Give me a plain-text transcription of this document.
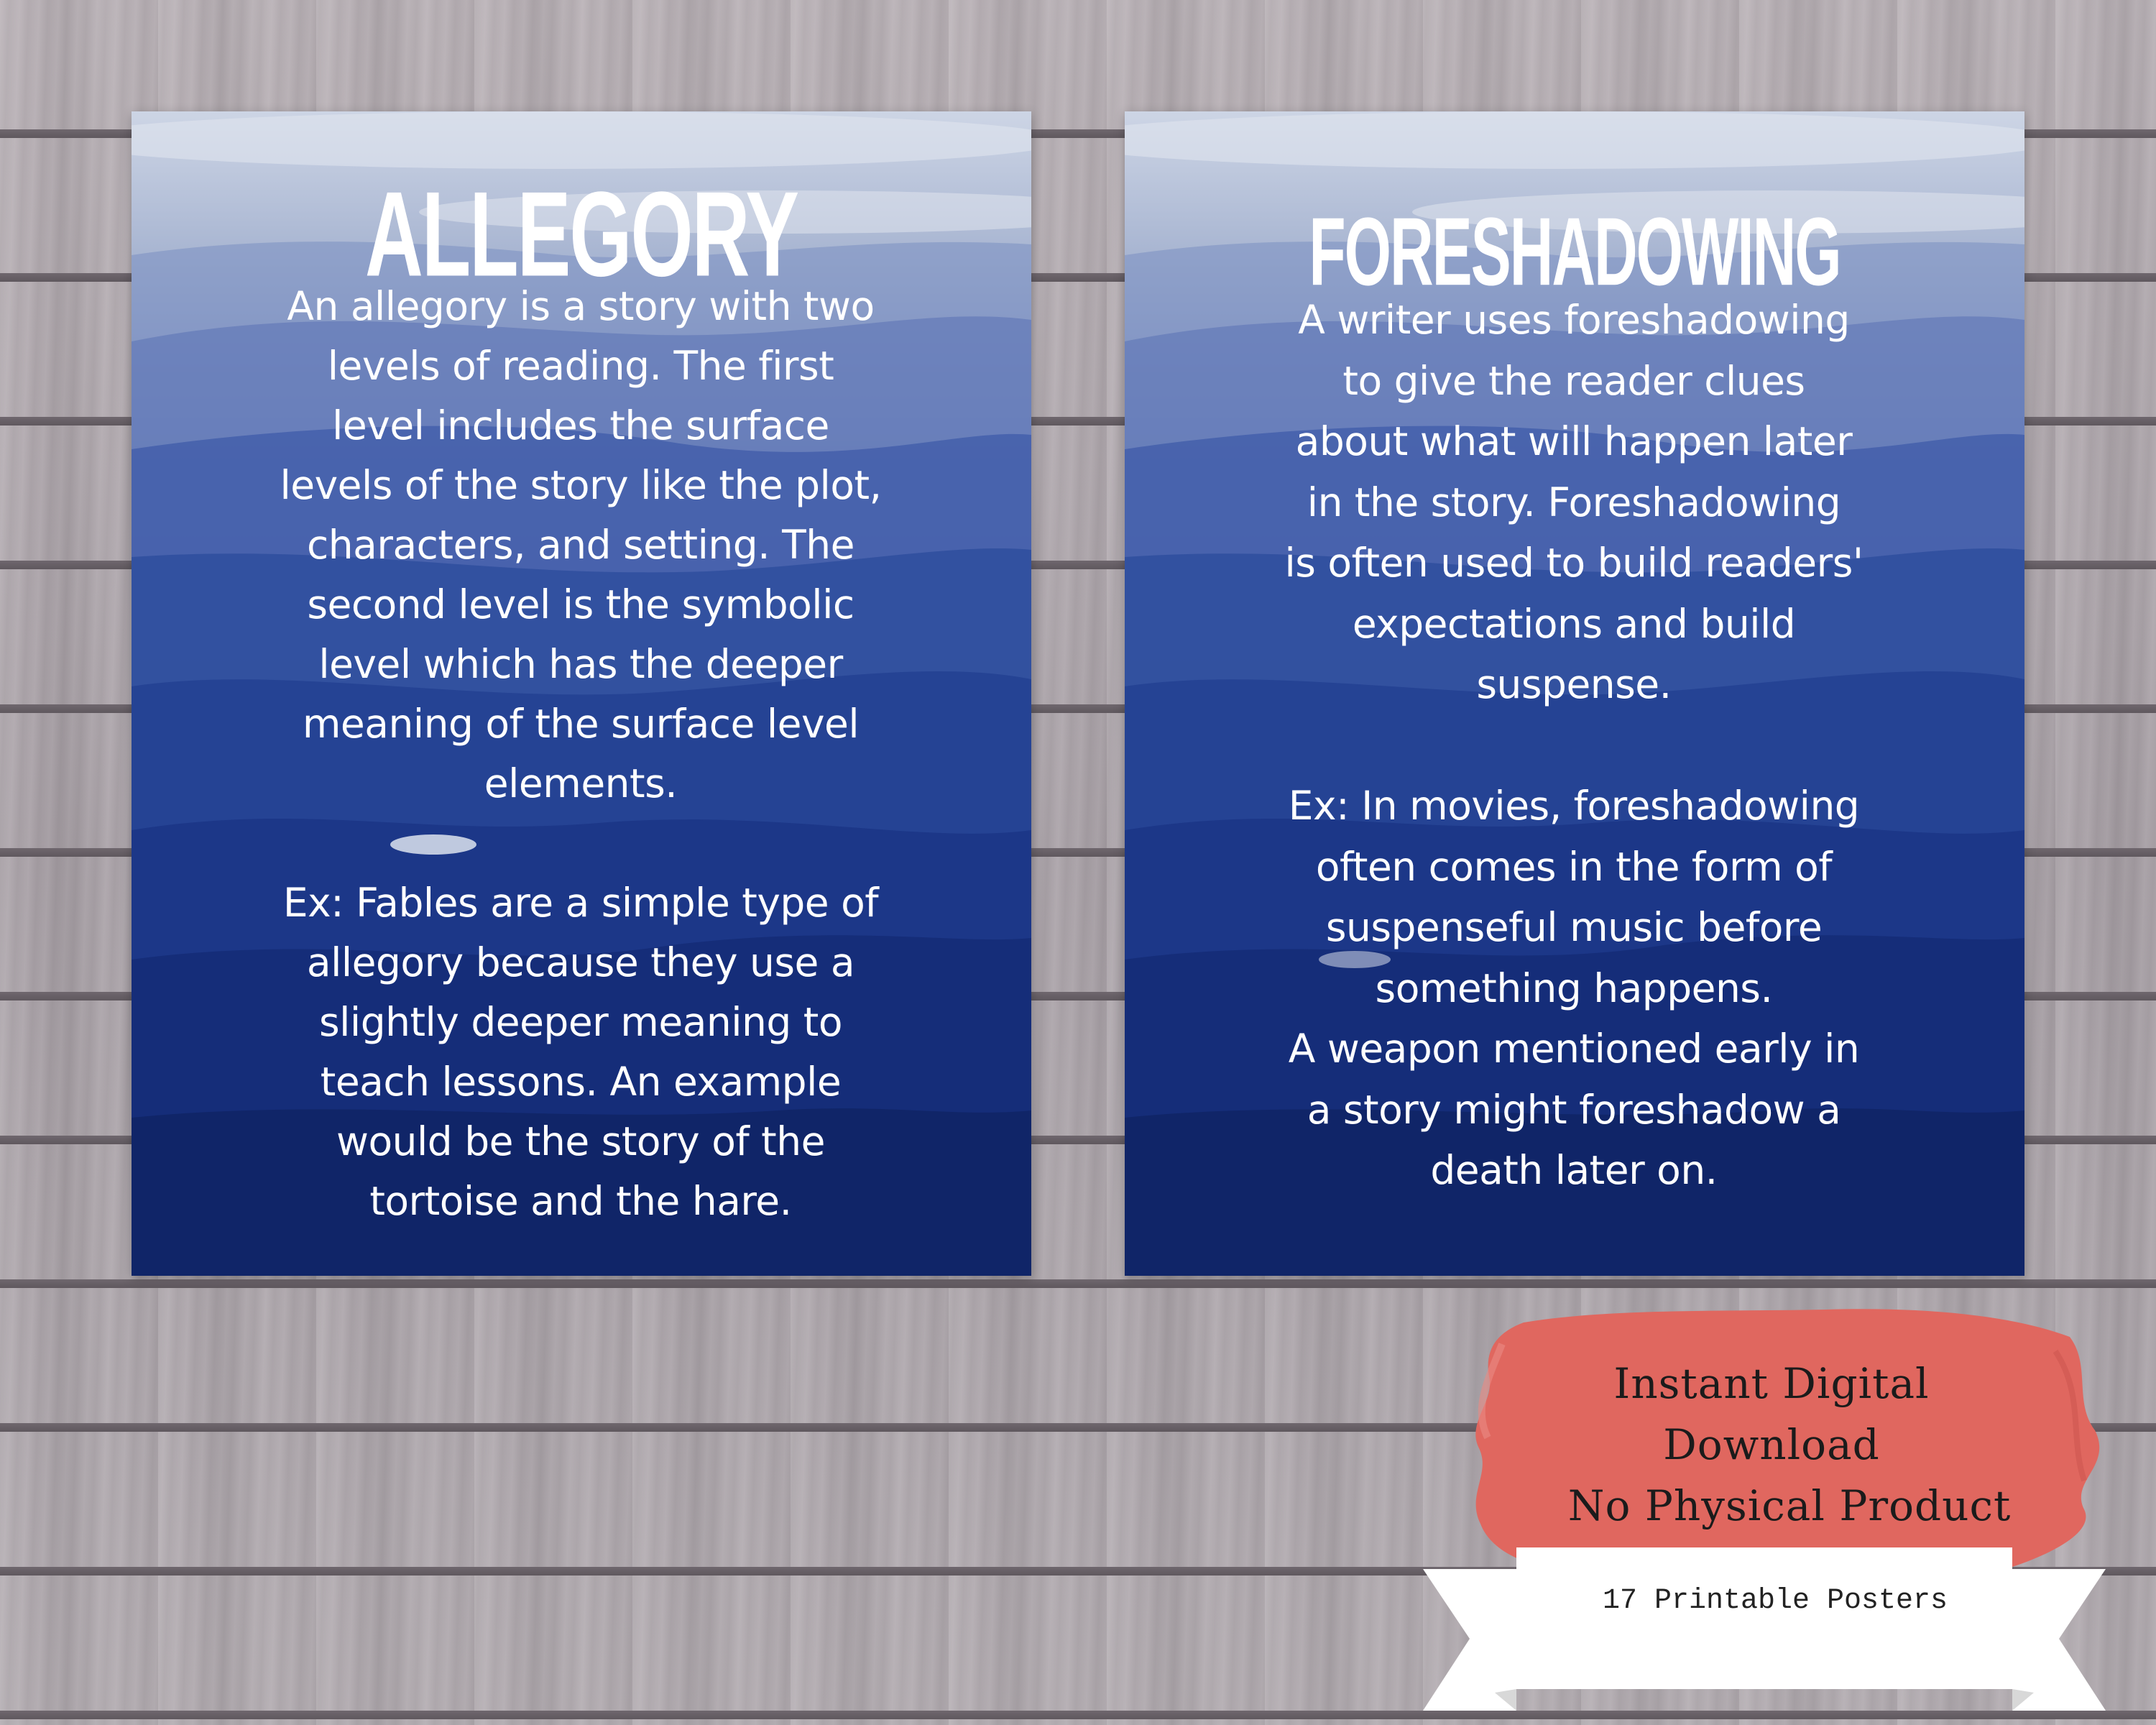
ALLEGORY
An allegory is a story with two
levels of reading. The first
level includes the surface
levels of the story like the plot,
characters, and setting. The
second level is the symbolic
level which has the deeper
meaning of the surface level
elements.

Ex: Fables are a simple type of
allegory because they use a
slightly deeper meaning to
teach lessons. An example
would be the story of the
tortoise and the hare.
FORESHADOWING
A writer uses foreshadowing
to give the reader clues
about what will happen later
in the story. Foreshadowing
is often used to build readers'
expectations and build
suspense.

Ex: In movies, foreshadowing
often comes in the form of
suspenseful music before
something happens.
A weapon mentioned early in
a story might foreshadow a
death later on.
Instant Digital
Download
No Physical Product
17 Printable Posters
